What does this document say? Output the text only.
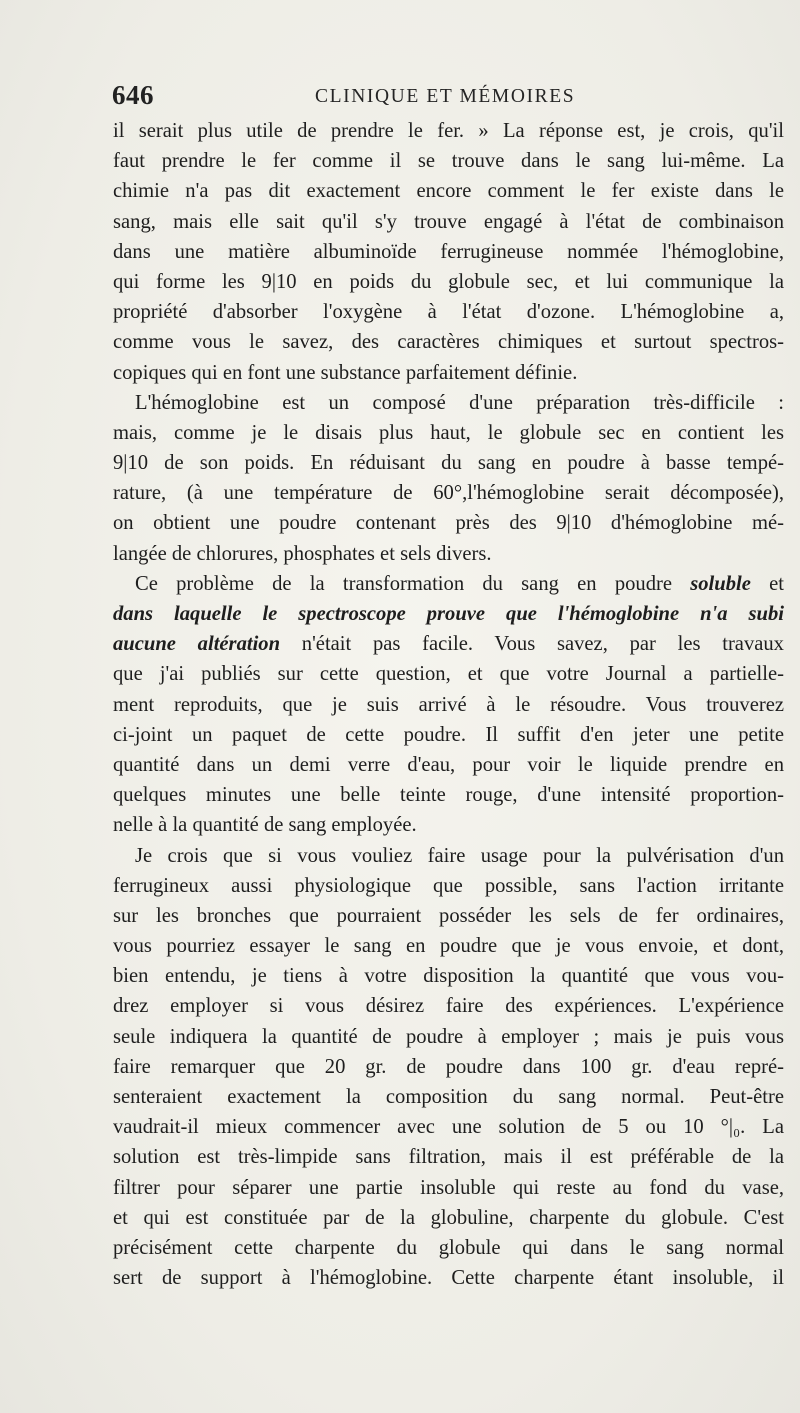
646	CLINIQUE ET MÉMOIRES
il serait plus utile de prendre le fer. » La réponse est, je crois, qu'il
faut prendre le fer comme il se trouve dans le sang lui-même. La
chimie n'a pas dit exactement encore comment le fer existe dans le
sang, mais elle sait qu'il s'y trouve engagé à l'état de combinaison
dans une matière albuminoïde ferrugineuse nommée l'hémoglobine,
qui forme les 9|10 en poids du globule sec, et lui communique la
propriété d'absorber l'oxygène à l'état d'ozone. L'hémoglobine a,
comme vous le savez, des caractères chimiques et surtout spectros-
copiques qui en font une substance parfaitement définie.
L'hémoglobine est un composé d'une préparation très-difficile :
mais, comme je le disais plus haut, le globule sec en contient les
9|10 de son poids. En réduisant du sang en poudre à basse tempé-
rature, (à une température de 60°,l'hémoglobine serait décomposée),
on obtient une poudre contenant près des 9|10 d'hémoglobine mé-
langée de chlorures, phosphates et sels divers.
Ce problème de la transformation du sang en poudre soluble et
dans laquelle le spectroscope prouve que l'hémoglobine n'a subi
aucune altération n'était pas facile. Vous savez, par les travaux
que j'ai publiés sur cette question, et que votre Journal a partielle-
ment reproduits, que je suis arrivé à le résoudre. Vous trouverez
ci-joint un paquet de cette poudre. Il suffit d'en jeter une petite
quantité dans un demi verre d'eau, pour voir le liquide prendre en
quelques minutes une belle teinte rouge, d'une intensité proportion-
nelle à la quantité de sang employée.
Je crois que si vous vouliez faire usage pour la pulvérisation d'un
ferrugineux aussi physiologique que possible, sans l'action irritante
sur les bronches que pourraient posséder les sels de fer ordinaires,
vous pourriez essayer le sang en poudre que je vous envoie, et dont,
bien entendu, je tiens à votre disposition la quantité que vous vou-
drez employer si vous désirez faire des expériences. L'expérience
seule indiquera la quantité de poudre à employer ; mais je puis vous
faire remarquer que 20 gr. de poudre dans 100 gr. d'eau repré-
senteraient exactement la composition du sang normal. Peut-être
vaudrait-il mieux commencer avec une solution de 5 ou 10 °|₀. La
solution est très-limpide sans filtration, mais il est préférable de la
filtrer pour séparer une partie insoluble qui reste au fond du vase,
et qui est constituée par de la globuline, charpente du globule. C'est
précisément cette charpente du globule qui dans le sang normal
sert de support à l'hémoglobine. Cette charpente étant insoluble, il
